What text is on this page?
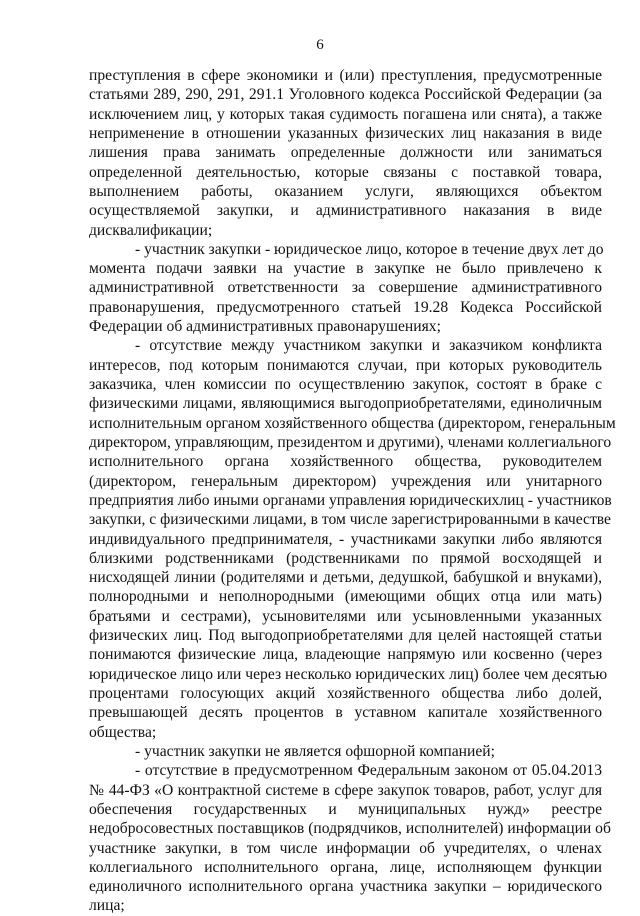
6
преступления в сфере экономики и (или) преступления, предусмотренные
статьями 289, 290, 291, 291.1 Уголовного кодекса Российской Федерации (за
исключением лиц, у которых такая судимость погашена или снята), а также
неприменение в отношении указанных физических лиц наказания в виде
лишения права занимать определенные должности или заниматься
определенной деятельностью, которые связаны с поставкой товара,
выполнением работы, оказанием услуги, являющихся объектом
осуществляемой закупки, и административного наказания в виде
дисквалификации;
- участник закупки - юридическое лицо, которое в течение двух лет до
момента подачи заявки на участие в закупке не было привлечено к
административной ответственности за совершение административного
правонарушения, предусмотренного статьей 19.28 Кодекса Российской
Федерации об административных правонарушениях;
- отсутствие между участником закупки и заказчиком конфликта
интересов, под которым понимаются случаи, при которых руководитель
заказчика, член комиссии по осуществлению закупок, состоят в браке с
физическими лицами, являющимися выгодоприобретателями, единоличным
исполнительным органом хозяйственного общества (директором, генеральным
директором, управляющим, президентом и другими), членами коллегиального
исполнительного органа хозяйственного общества, руководителем
(директором, генеральным директором) учреждения или унитарного
предприятия либо иными органами управления юридическихлиц - участников
закупки, с физическими лицами, в том числе зарегистрированными в качестве
индивидуального предпринимателя, - участниками закупки либо являются
близкими родственниками (родственниками по прямой восходящей и
нисходящей линии (родителями и детьми, дедушкой, бабушкой и внуками),
полнородными и неполнородными (имеющими общих отца или мать)
братьями и сестрами), усыновителями или усыновленными указанных
физических лиц. Под выгодоприобретателями для целей настоящей статьи
понимаются физические лица, владеющие напрямую или косвенно (через
юридическое лицо или через несколько юридических лиц) более чем десятью
процентами голосующих акций хозяйственного общества либо долей,
превышающей десять процентов в уставном капитале хозяйственного
общества;
- участник закупки не является офшорной компанией;
- отсутствие в предусмотренном Федеральным законом от 05.04.2013
№ 44-ФЗ «О контрактной системе в сфере закупок товаров, работ, услуг для
обеспечения государственных и муниципальных нужд» реестре
недобросовестных поставщиков (подрядчиков, исполнителей) информации об
участнике закупки, в том числе информации об учредителях, о членах
коллегиального исполнительного органа, лице, исполняющем функции
единоличного исполнительного органа участника закупки – юридического
лица;
